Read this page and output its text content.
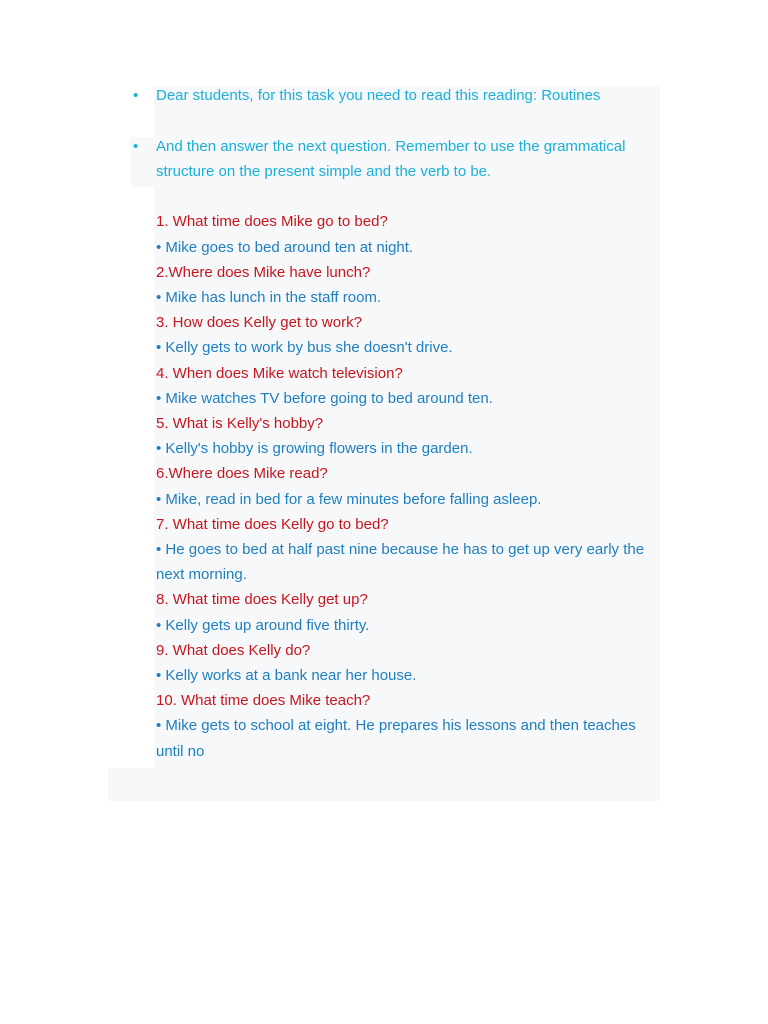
• Dear students, for this task you need to read this reading: Routines
• And then answer the next question. Remember to use the grammatical structure on the present simple and the verb to be.
1. What time does Mike go to bed?
• Mike goes to bed around ten at night.
2.Where does Mike have lunch?
• Mike has lunch in the staff room.
3. How does Kelly get to work?
• Kelly gets to work by bus she doesn't drive.
4. When does Mike watch television?
• Mike watches TV before going to bed around ten.
5. What is Kelly's hobby?
• Kelly's hobby is growing flowers in the garden.
6.Where does Mike read?
• Mike, read in bed for a few minutes before falling asleep.
7. What time does Kelly go to bed?
• He goes to bed at half past nine because he has to get up very early the next morning.
8. What time does Kelly get up?
• Kelly gets up around five thirty.
9. What does Kelly do?
• Kelly works at a bank near her house.
10. What time does Mike teach?
• Mike gets to school at eight. He prepares his lessons and then teaches until no
